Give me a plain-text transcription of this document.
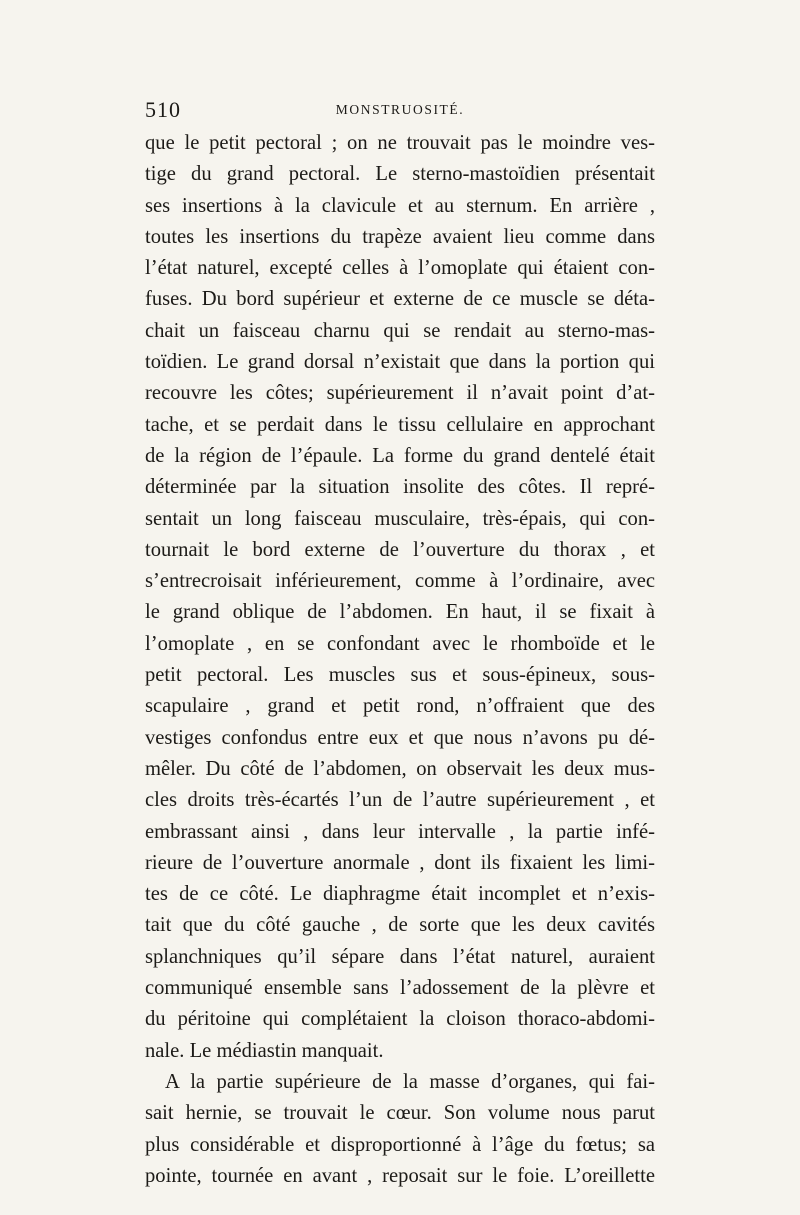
510	MONSTRUOSITÉ.
que le petit pectoral ; on ne trouvait pas le moindre ves-
tige du grand pectoral. Le sterno-mastoïdien présentait
ses insertions à la clavicule et au sternum. En arrière ,
toutes les insertions du trapèze avaient lieu comme dans
l’état naturel, excepté celles à l’omoplate qui étaient con-
fuses. Du bord supérieur et externe de ce muscle se déta-
chait un faisceau charnu qui se rendait au sterno-mas-
toïdien. Le grand dorsal n’existait que dans la portion qui
recouvre les côtes; supérieurement il n’avait point d’at-
tache, et se perdait dans le tissu cellulaire en approchant
de la région de l’épaule. La forme du grand dentelé était
déterminée par la situation insolite des côtes. Il repré-
sentait un long faisceau musculaire, très-épais, qui con-
tournait le bord externe de l’ouverture du thorax , et
s’entrecroisait inférieurement, comme à l’ordinaire, avec
le grand oblique de l’abdomen. En haut, il se fixait à
l’omoplate , en se confondant avec le rhomboïde et le
petit pectoral. Les muscles sus et sous-épineux, sous-
scapulaire , grand et petit rond, n’offraient que des
vestiges confondus entre eux et que nous n’avons pu dé-
mêler. Du côté de l’abdomen, on observait les deux mus-
cles droits très-écartés l’un de l’autre supérieurement , et
embrassant ainsi , dans leur intervalle , la partie infé-
rieure de l’ouverture anormale , dont ils fixaient les limi-
tes de ce côté. Le diaphragme était incomplet et n’exis-
tait que du côté gauche , de sorte que les deux cavités
splanchniques qu’il sépare dans l’état naturel, auraient
communiqué ensemble sans l’adossement de la plèvre et
du péritoine qui complétaient la cloison thoraco-abdomi-
nale. Le médiastin manquait.
A la partie supérieure de la masse d’organes, qui fai-
sait hernie, se trouvait le cœur. Son volume nous parut
plus considérable et disproportionné à l’âge du fœtus; sa
pointe, tournée en avant , reposait sur le foie. L’oreillette
